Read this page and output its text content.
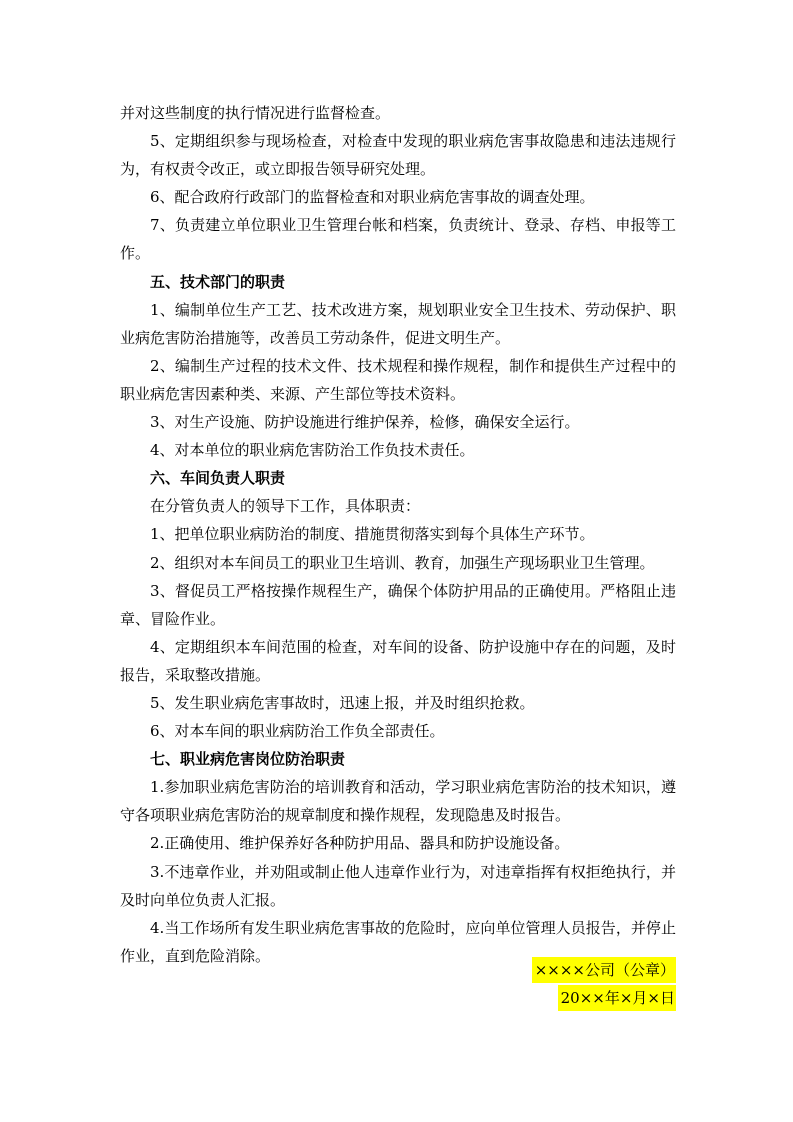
并对这些制度的执行情况进行监督检查。

5、定期组织参与现场检查，对检查中发现的职业病危害事故隐患和违法违规行为，有权责令改正，或立即报告领导研究处理。

6、配合政府行政部门的监督检查和对职业病危害事故的调查处理。

7、负责建立单位职业卫生管理台帐和档案，负责统计、登录、存档、申报等工作。

五、技术部门的职责

1、编制单位生产工艺、技术改进方案，规划职业安全卫生技术、劳动保护、职业病危害防治措施等，改善员工劳动条件，促进文明生产。

2、编制生产过程的技术文件、技术规程和操作规程，制作和提供生产过程中的职业病危害因素种类、来源、产生部位等技术资料。

3、对生产设施、防护设施进行维护保养，检修，确保安全运行。

4、对本单位的职业病危害防治工作负技术责任。

六、车间负责人职责

在分管负责人的领导下工作，具体职责：

1、把单位职业病防治的制度、措施贯彻落实到每个具体生产环节。

2、组织对本车间员工的职业卫生培训、教育，加强生产现场职业卫生管理。

3、督促员工严格按操作规程生产，确保个体防护用品的正确使用。严格阻止违章、冒险作业。

4、定期组织本车间范围的检查，对车间的设备、防护设施中存在的问题，及时报告，采取整改措施。

5、发生职业病危害事故时，迅速上报，并及时组织抢救。

6、对本车间的职业病防治工作负全部责任。

七、职业病危害岗位防治职责

1.参加职业病危害防治的培训教育和活动，学习职业病危害防治的技术知识，遵守各项职业病危害防治的规章制度和操作规程，发现隐患及时报告。

2.正确使用、维护保养好各种防护用品、器具和防护设施设备。

3.不违章作业，并劝阻或制止他人违章作业行为，对违章指挥有权拒绝执行，并及时向单位负责人汇报。

4.当工作场所有发生职业病危害事故的危险时，应向单位管理人员报告，并停止作业，直到危险消除。

××××公司（公章）
20××年×月×日
